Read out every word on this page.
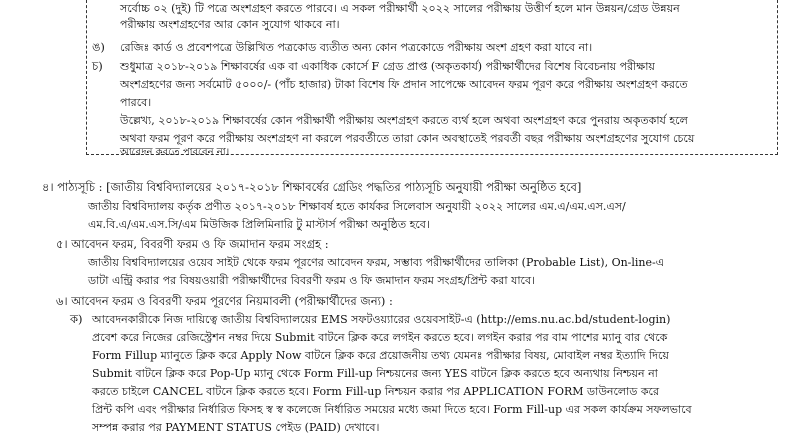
সর্বোচ্চ ০২ (দুই) টি পত্রে অংশগ্রহণ করতে পারবে। এ সকল পরীক্ষার্থী ২০২২ সালের পরীক্ষায় উত্তীর্ণ হলে মান উন্নয়ন/গ্রেড উন্নয়ন
পরীক্ষায় অংশগ্রহণের আর কোন সুযোগ থাকবে না।
ঙ) রেজিঃ কার্ড ও প্রবেশপত্রে উল্লিখিত পত্রকোড ব্যতীত অন্য কোন পত্রকোডে পরীক্ষায় অংশ গ্রহণ করা যাবে না।
চ) শুধুমাত্র ২০১৮-২০১৯ শিক্ষাবর্ষের এক বা একাধিক কোর্সে F গ্রেড প্রাপ্ত (অকৃতকার্য) পরীক্ষার্থীদের বিশেষ বিবেচনায় পরীক্ষায়
অংশগ্রহণের জন্য সর্বমোট ৫০০০/- (পাঁচ হাজার) টাকা বিশেষ ফি প্রদান সাপেক্ষে আবেদন ফরম পূরণ করে পরীক্ষায় অংশগ্রহণ করতে
পারবে।
উল্লেখ্য, ২০১৮-২০১৯ শিক্ষাবর্ষের কোন পরীক্ষার্থী পরীক্ষায় অংশগ্রহণ করতে ব্যর্থ হলে অথবা অংশগ্রহণ করে পুনরায় অকৃতকার্য হলে
অথবা ফরম পূরণ করে পরীক্ষায় অংশগ্রহণ না করলে পরবর্তীতে তারা কোন অবস্থাতেই পরবর্তী বছর পরীক্ষায় অংশগ্রহণের সুযোগ চেয়ে
আবেদন করতে পারবেন না।
৪। পাঠ্যসূচি : [জাতীয় বিশ্ববিদ্যালয়ের ২০১৭-২০১৮ শিক্ষাবর্ষের গ্রেডিং পদ্ধতির পাঠ্যসূচি অনুযায়ী পরীক্ষা অনুষ্ঠিত হবে]
জাতীয় বিশ্ববিদ্যালয় কর্তৃক প্রণীত ২০১৭-২০১৮ শিক্ষাবর্ষ হতে কার্যকর সিলেবাস অনুযায়ী ২০২২ সালের এম.এ/এম.এস.এস/
এম.বি.এ/এম.এস.সি/এম মিউজিক প্রিলিমিনারি টু মাস্টার্স পরীক্ষা অনুষ্ঠিত হবে।
৫। আবেদন ফরম, বিবরণী ফরম ও ফি জমাদান ফরম সংগ্রহ :
জাতীয় বিশ্ববিদ্যালয়ের ওয়েব সাইট থেকে ফরম পূরণের আবেদন ফরম, সম্ভাব্য পরীক্ষার্থীদের তালিকা (Probable List), On-line-এ
ডাটা এন্ট্রি করার পর বিষয়ওয়ারী পরীক্ষার্থীদের বিবরণী ফরম ও ফি জমাদান ফরম সংগ্রহ/প্রিন্ট করা যাবে।
৬। আবেদন ফরম ও বিবরণী ফরম পূরণের নিয়মাবলী (পরীক্ষার্থীদের জন্য) :
ক) আবেদনকারীকে নিজ দায়িত্বে জাতীয় বিশ্ববিদ্যালয়ের EMS সফটওয়্যারের ওয়েবসাইট-এ (http://ems.nu.ac.bd/student-login)
প্রবেশ করে নিজের রেজিস্ট্রেশন নম্বর দিয়ে Submit বাটনে ক্লিক করে লগইন করতে হবে। লগইন করার পর বাম পাশের ম্যানু বার থেকে
Form Fillup ম্যানুতে ক্লিক করে Apply Now বাটনে ক্লিক করে প্রয়োজনীয় তথ্য যেমনঃ পরীক্ষার বিষয়, মোবাইল নম্বর ইত্যাদি দিয়ে
Submit বাটনে ক্লিক করে Pop-Up ম্যানু থেকে Form Fill-up নিশ্চয়নের জন্য YES বাটনে ক্লিক করতে হবে অন্যথায় নিশ্চয়ন না
করতে চাইলে CANCEL বাটনে ক্লিক করতে হবে। Form Fill-up নিশ্চয়ন করার পর APPLICATION FORM ডাউনলোড করে
প্রিন্ট কপি এবং পরীক্ষার নির্ধারিত ফিসহ স্ব স্ব কলেজে নির্ধারিত সময়ের মধ্যে জমা দিতে হবে। Form Fill-up এর সকল কার্যক্রম সফলভাবে
সম্পন্ন করার পর PAYMENT STATUS পেইড (PAID) দেখাবে।
